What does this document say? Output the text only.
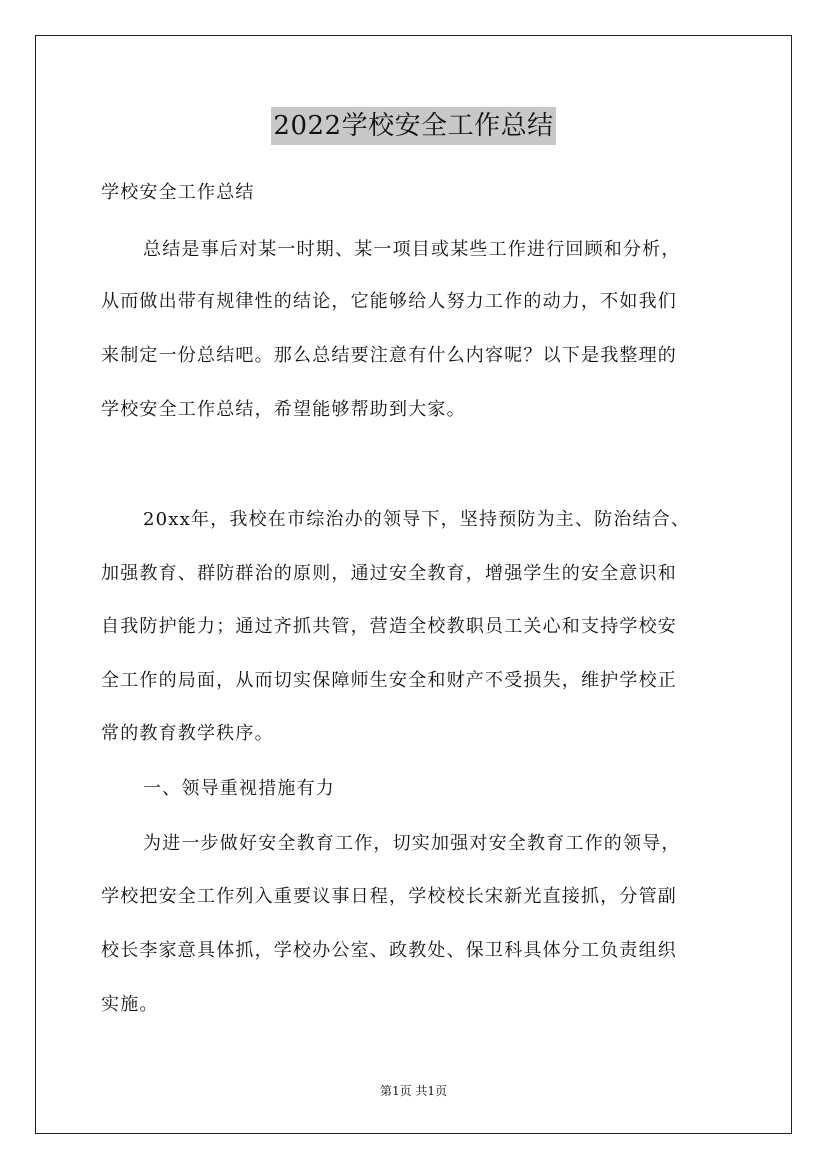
2022学校安全工作总结

学校安全工作总结

总结是事后对某一时期、某一项目或某些工作进行回顾和分析，

从而做出带有规律性的结论，它能够给人努力工作的动力，不如我们

来制定一份总结吧。那么总结要注意有什么内容呢？以下是我整理的

学校安全工作总结，希望能够帮助到大家。

20xx年，我校在市综治办的领导下，坚持预防为主、防治结合、

加强教育、群防群治的原则，通过安全教育，增强学生的安全意识和

自我防护能力；通过齐抓共管，营造全校教职员工关心和支持学校安

全工作的局面，从而切实保障师生安全和财产不受损失，维护学校正

常的教育教学秩序。

一、领导重视措施有力

为进一步做好安全教育工作，切实加强对安全教育工作的领导，

学校把安全工作列入重要议事日程，学校校长宋新光直接抓，分管副

校长李家意具体抓，学校办公室、政教处、保卫科具体分工负责组织

实施。

第1页 共1页
